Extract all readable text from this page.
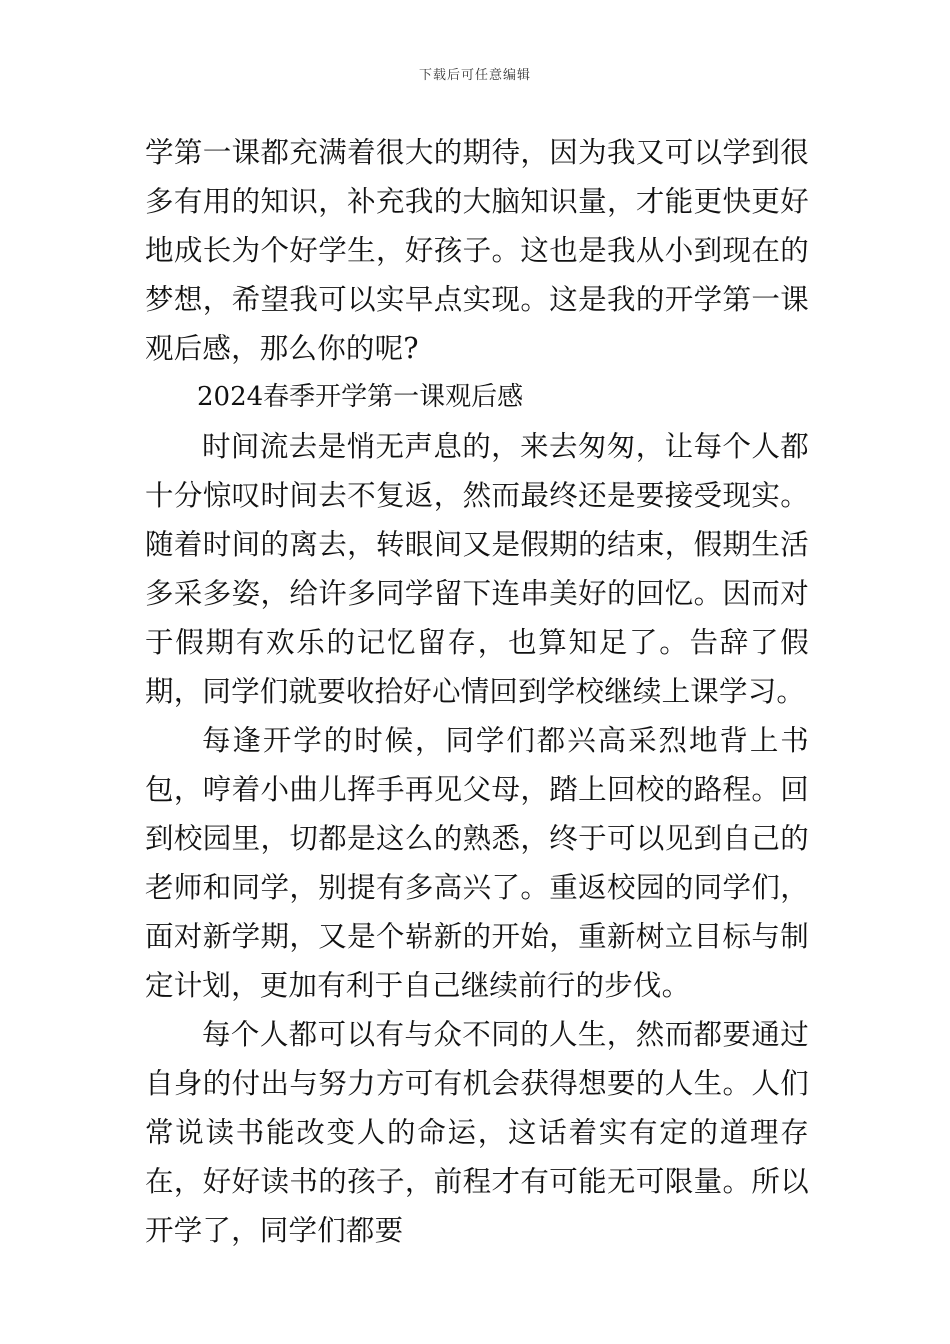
下载后可任意编辑

学第一课都充满着很大的期待，因为我又可以学到很多有用的知识，补充我的大脑知识量，才能更快更好地成长为个好学生，好孩子。这也是我从小到现在的梦想，希望我可以实早点实现。这是我的开学第一课观后感，那么你的呢?

2024春季开学第一课观后感

时间流去是悄无声息的，来去匆匆，让每个人都十分惊叹时间去不复返，然而最终还是要接受现实。随着时间的离去，转眼间又是假期的结束，假期生活多采多姿，给许多同学留下连串美好的回忆。因而对于假期有欢乐的记忆留存，也算知足了。告辞了假期，同学们就要收拾好心情回到学校继续上课学习。

每逢开学的时候，同学们都兴高采烈地背上书包，哼着小曲儿挥手再见父母，踏上回校的路程。回到校园里，切都是这么的熟悉，终于可以见到自己的老师和同学，别提有多高兴了。重返校园的同学们，面对新学期，又是个崭新的开始，重新树立目标与制定计划，更加有利于自己继续前行的步伐。

每个人都可以有与众不同的人生，然而都要通过自身的付出与努力方可有机会获得想要的人生。人们常说读书能改变人的命运，这话着实有定的道理存在，好好读书的孩子，前程才有可能无可限量。所以开学了，同学们都要
